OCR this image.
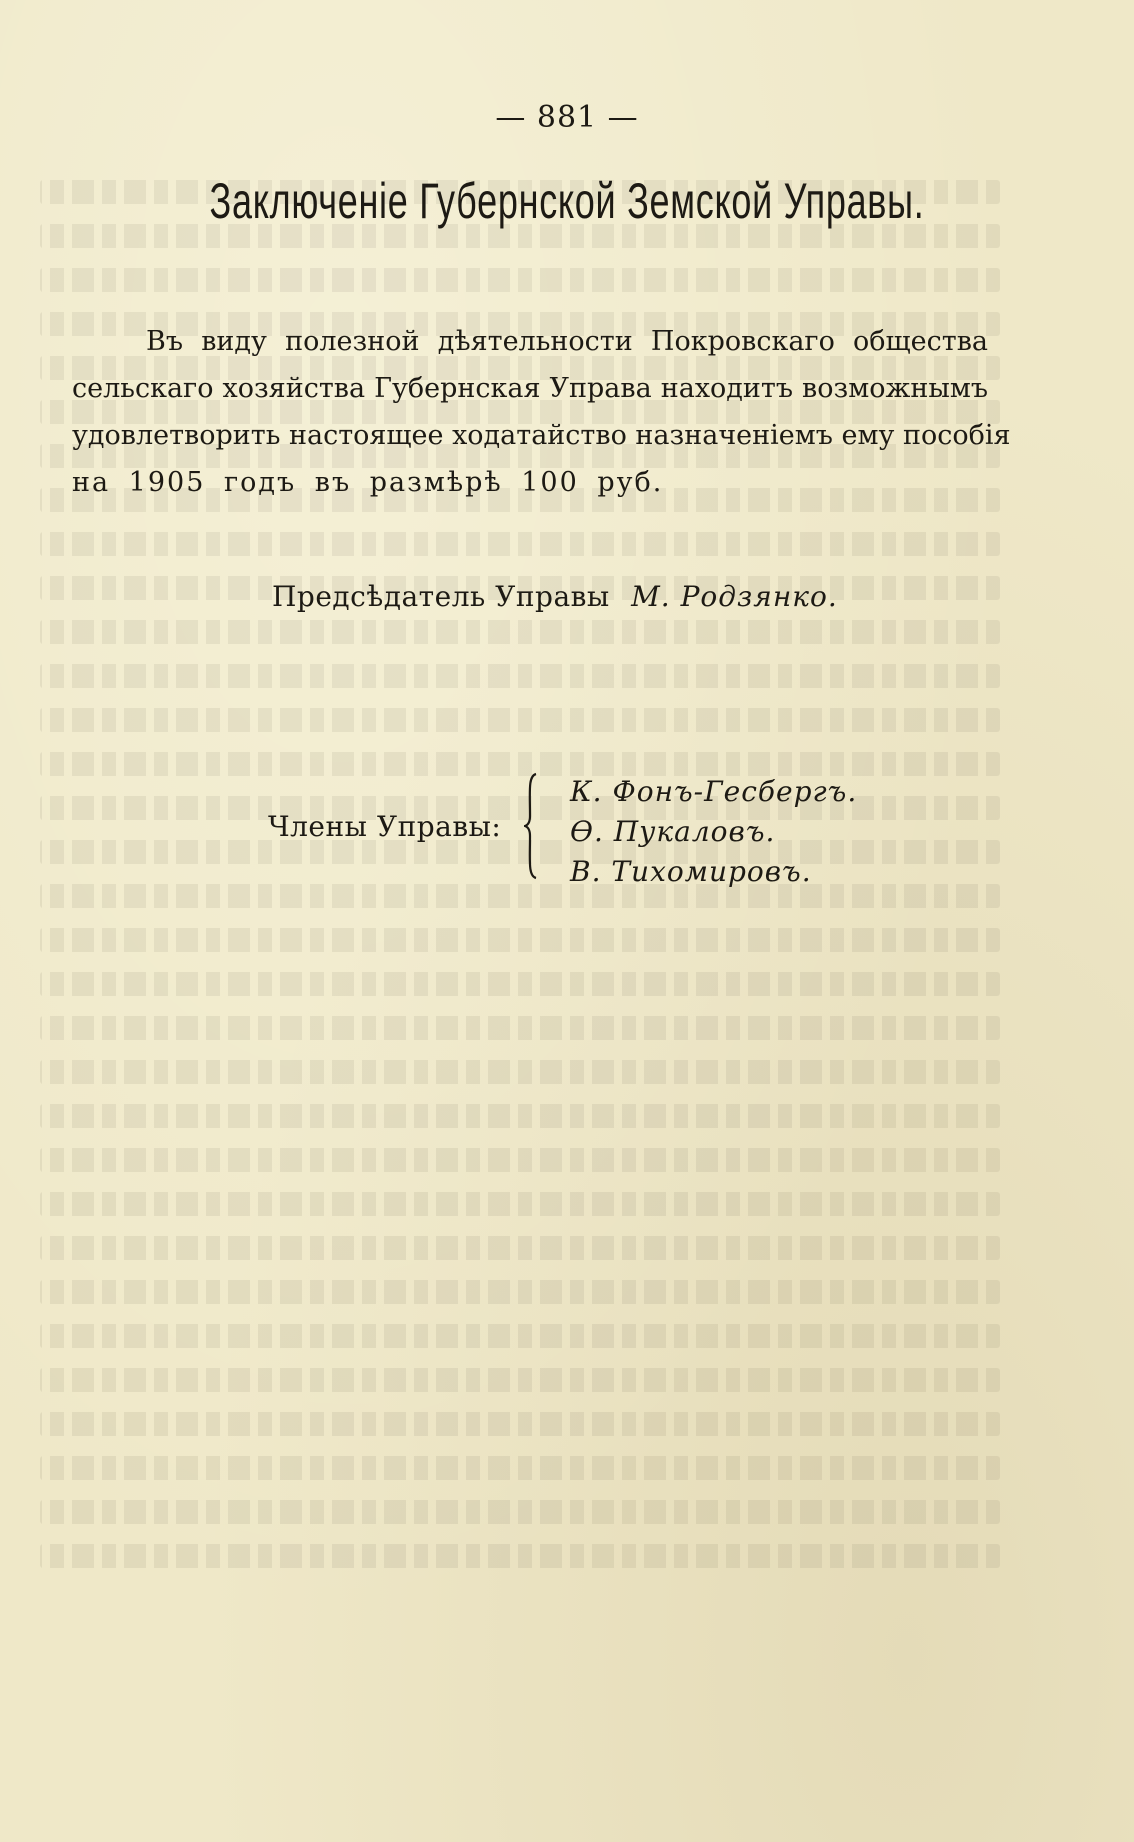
— 881 —
Заключеніе Губернской Земской Управы.
Въ виду полезной дѣятельности Покровскаго общества
сельскаго хозяйства Губернская Управа находитъ возможнымъ
удовлетворить настоящее ходатайство назначеніемъ ему пособія
на 1905 годъ въ размѣрѣ 100 руб.
Предсѣдатель Управы М. Родзянко.
Члены Управы:
К. Фонъ-Гесбергъ.
Ѳ. Пукаловъ.
В. Тихомировъ.
